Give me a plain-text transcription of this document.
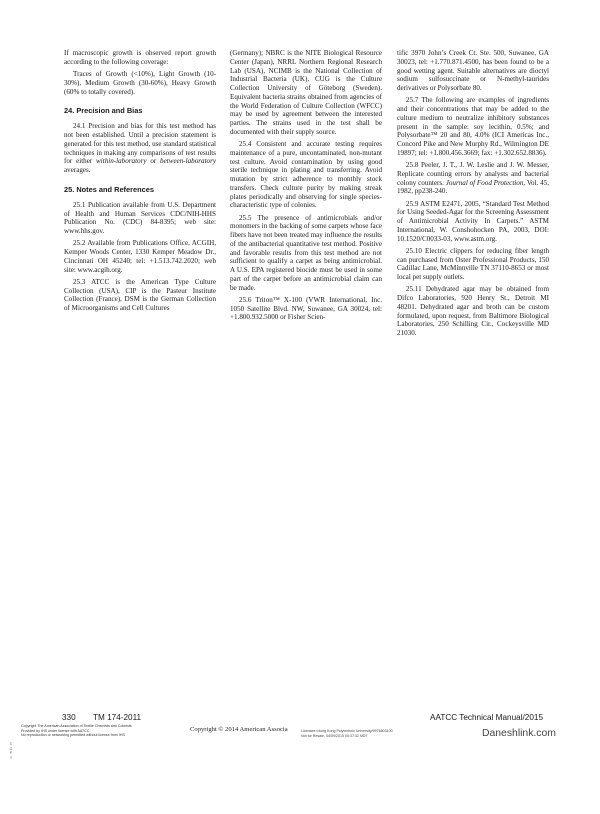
If macroscopic growth is observed report growth according to the following coverage:

Traces of Growth (<10%), Light Growth (10-30%), Medium Growth (30-60%), Heavy Growth (60% to totally covered).

24. Precision and Bias

24.1 Precision and bias for this test method has not been established. Until a precision statement is generated for this test method, use standard statistical techniques in making any comparisons of test results for either within-laboratory or between-laboratory averages.

25. Notes and References

25.1 Publication available from U.S. Department of Health and Human Services CDC/NIH-HHS Publication No. (CDC) 84-8395; web site: www.hhs.gov.

25.2 Available from Publications Office, ACGIH, Kemper Woods Center, 1330 Kemper Meadow Dr., Cincinnati OH 45240; tel: +1.513.742.2020; web site: www.acgih.org.

25.3 ATCC is the American Type Culture Collection (USA), CIP is the Pasteur Institute Collection (France), DSM is the German Collection of Microorganisms and Cell Cultures

(Germany); NBRC is the NITE Biological Resource Center (Japan), NRRL Northern Regional Research Lab (USA), NCIMB is the National Collection of Industrial Bacteria (UK), CUG is the Culture Collection University of Göteborg (Sweden). Equivalent bacteria strains obtained from agencies of the World Federation of Culture Collection (WFCC) may be used by agreement between the interested parties. The strains used in the test shall be documented with their supply source.

25.4 Consistent and accurate testing requires maintenance of a pure, uncontaminated, non-mutant test culture. Avoid contamination by using good sterile technique in plating and transferring. Avoid mutation by strict adherence to monthly stock transfers. Check culture purity by making streak plates periodically and observing for single species-characteristic type of colonies.

25.5 The presence of antimicrobials and/or monomers in the backing of some carpets whose face fibers have not been treated may influence the results of the antibacterial quantitative test method. Positive and favorable results from this test method are not sufficient to qualify a carpet as being antimicrobial. A U.S. EPA registered biocide must be used in some part of the carpet before an antimicrobial claim can be made.

25.6 Triton™ X-100 (VWR International, Inc. 1050 Satellite Blvd. NW, Suwanee, GA 30024, tel: +1.800.932.5000 or Fisher Scien-

tific 3970 John’s Creek Ct. Ste. 500, Suwanee, GA 30023, tel: +1.770.871.4500, has been found to be a good wetting agent. Suitable alternatives are dioctyl sodium sulfosuccinate or N-methyl-taurides derivatives or Polysorbate 80.

25.7 The following are examples of ingredients and their concentrations that may be added to the culture medium to neutralize inhibitory substances present in the sample: soy lecithin, 0.5%; and Polysorbate™ 20 and 80, 4.0% (ICI Americas Inc., Concord Pike and New Murphy Rd., Wilmington DE 19897; tel: +1.800.456.3669; fax: +1.302.652.8836).

25.8 Peeler, J. T., J. W. Leslie and J. W. Messer, Replicate counting errors by analysts and bacterial colony counters. Journal of Food Protection, Vol. 45, 1982, pp238-240.

25.9 ASTM E2471, 2005, “Standard Test Method for Using Seeded-Agar for the Screening Assessment of Antimicrobial Activity In Carpets.” ASTM International, W. Conshohocken PA, 2003, DOI: 10.1520/C0033-03, www.astm.org.

25.10 Electric clippers for reducing fiber length can purchased from Oster Professional Products, 150 Cadillac Lane, McMinnville TN 37110-8653 or most local pet supply outlets.

25.11 Dehydrated agar may be obtained from Difco Laboratories, 920 Henry St., Detroit MI 48201. Dehydrated agar and broth can be custom formulated, upon request, from Baltimore Biological Laboratories, 250 Schilling Cir., Cockeysville MD 21030.

330 TM 174-2011	AATCC Technical Manual/2015
Copyright The American Association of Textile Chemists and Colorists
Provided by IHS under license with AATCC
No reproduction or networking permitted without license from IHS
Copyright © 2014 American Associa	Licensee=Hong Kong Polytechnic University/9976803100
Not for Resale, 04/09/2015 00:37:32 MDT	Daneshlink.com
C
O
P
Y
